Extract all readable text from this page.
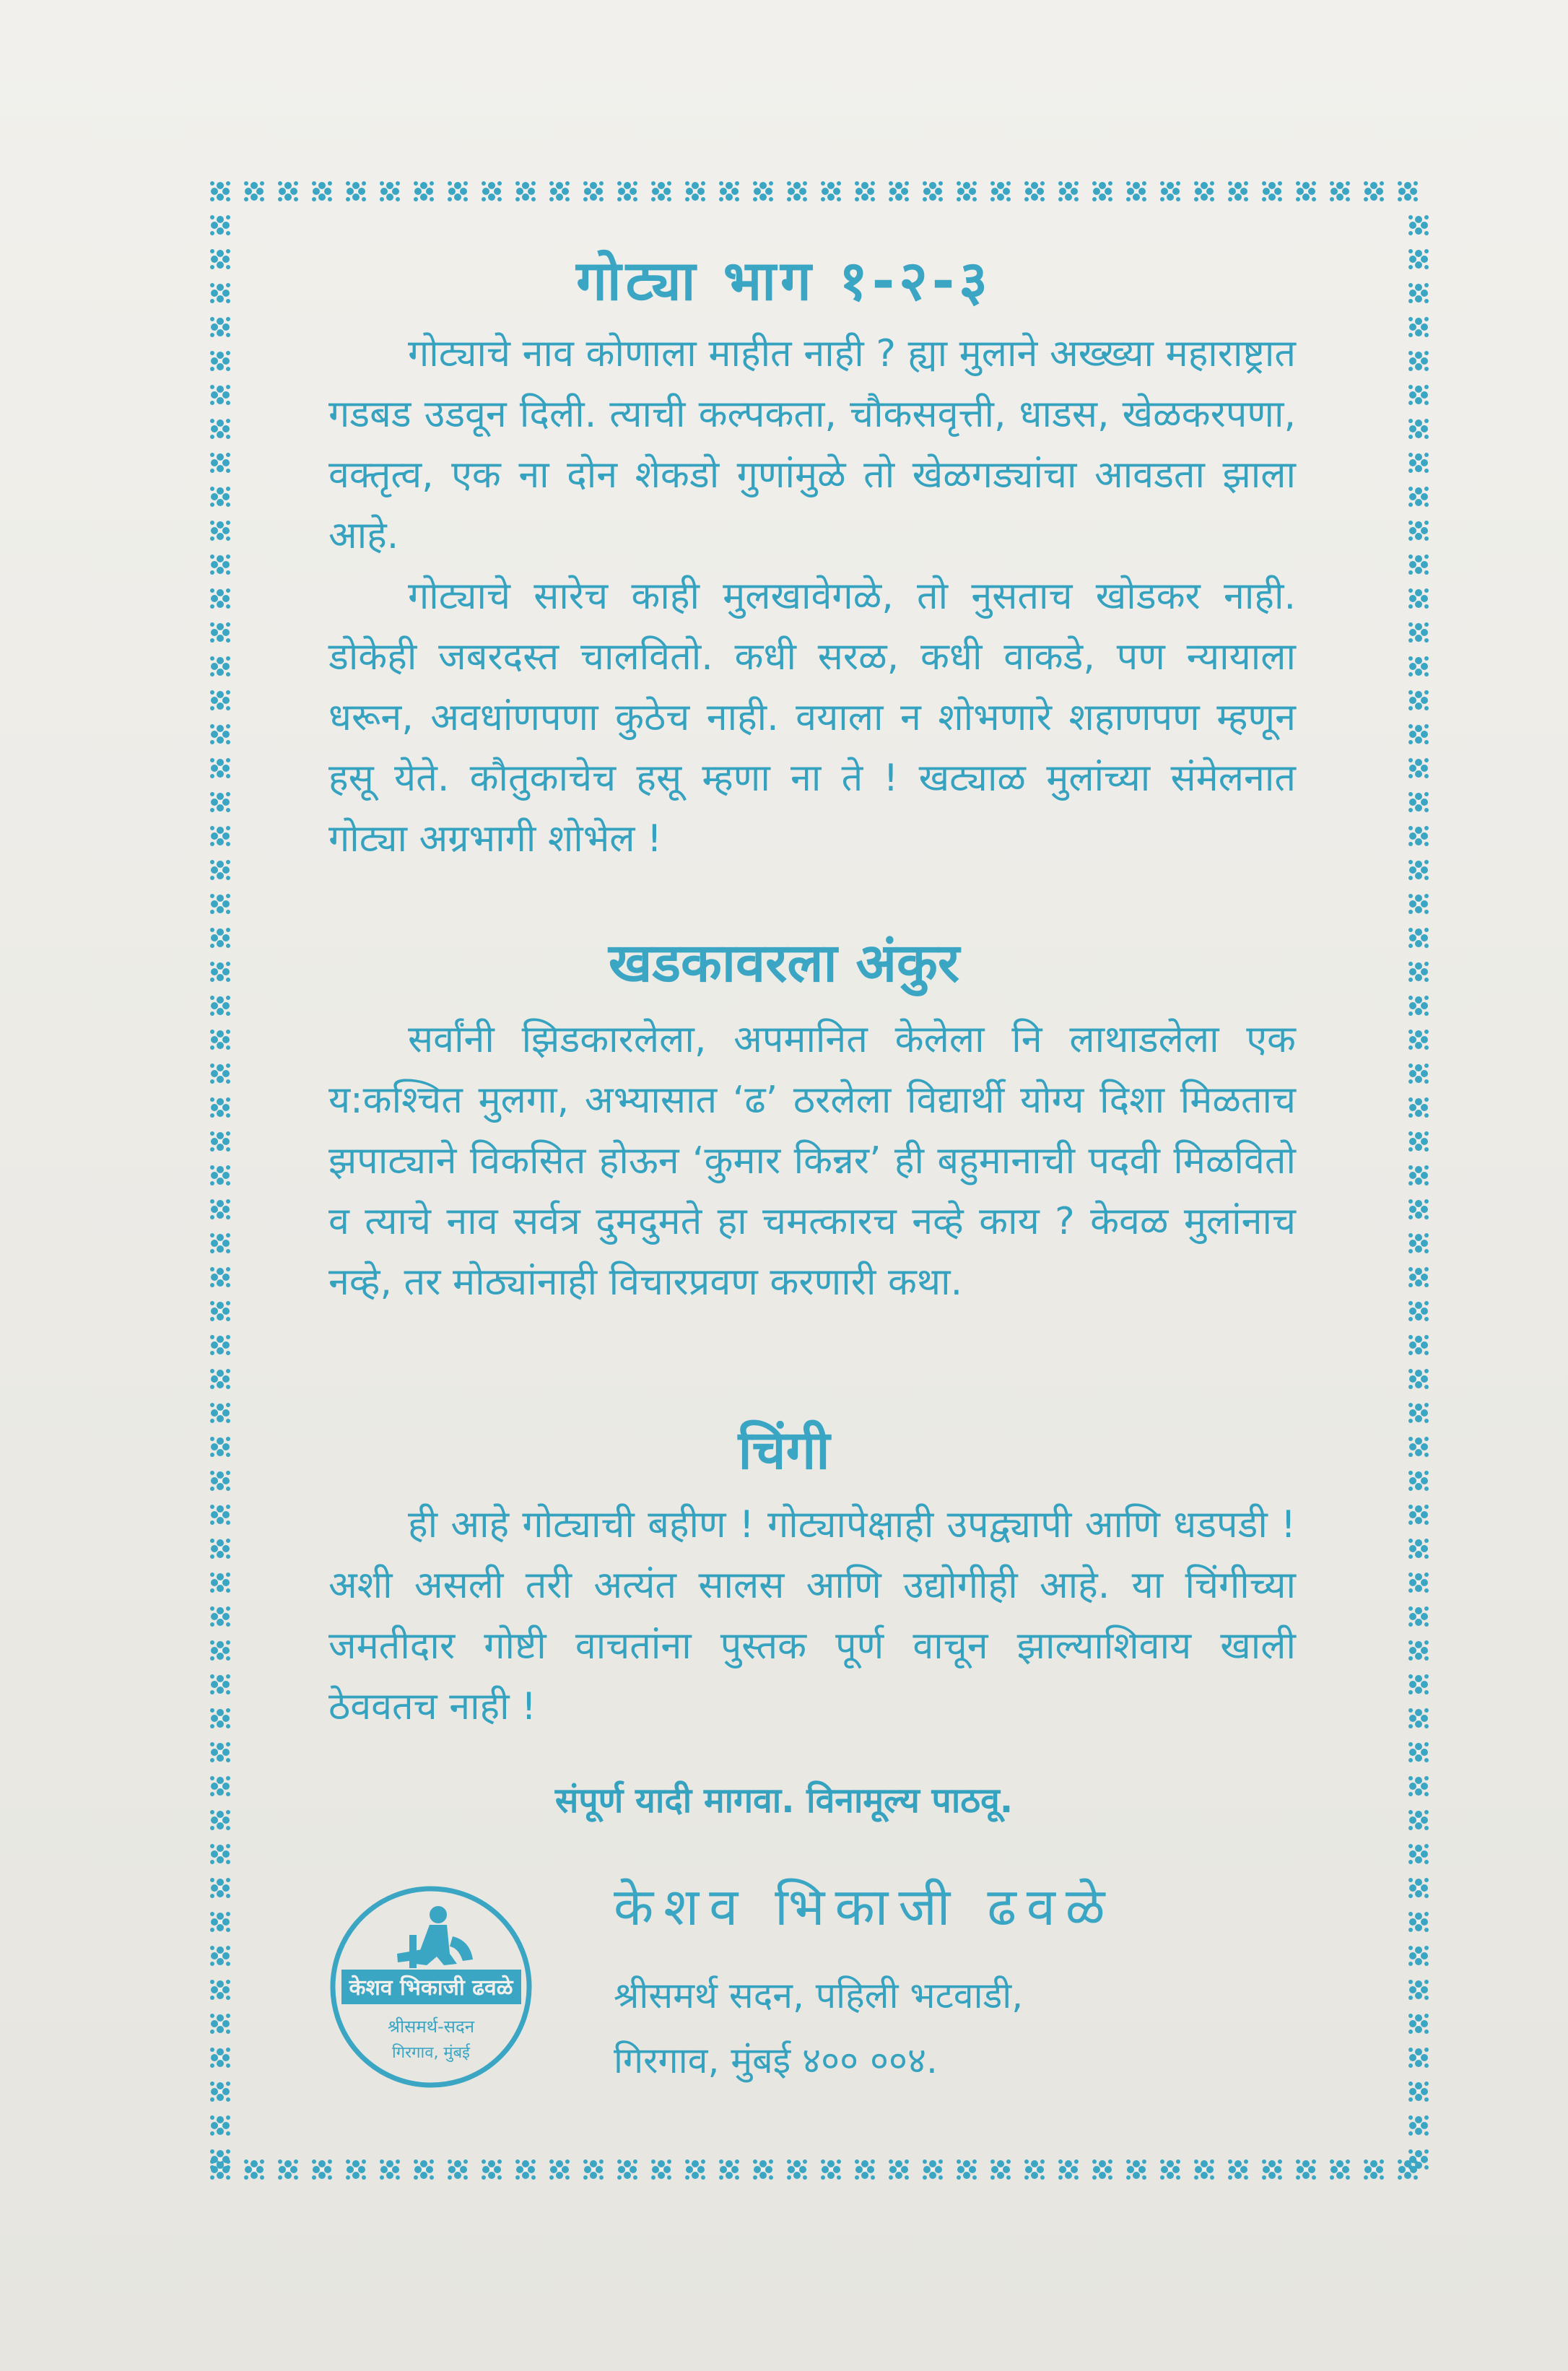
गोट्या भाग १-२-३

गोट्याचे नाव कोणाला माहीत नाही ? ह्या मुलाने अख्ख्या महाराष्ट्रात गडबड उडवून दिली. त्याची कल्पकता, चौकसवृत्ती, धाडस, खेळकरपणा, वक्तृत्व, एक ना दोन शेकडो गुणांमुळे तो खेळगड्यांचा आवडता झाला आहे.

गोट्याचे सारेच काही मुलखावेगळे, तो नुसताच खोडकर नाही. डोकेही जबरदस्त चालवितो. कधी सरळ, कधी वाकडे, पण न्यायाला धरून, अवधांणपणा कुठेच नाही. वयाला न शोभणारे शहाणपण म्हणून हसू येते. कौतुकाचेच हसू म्हणा ना ते ! खट्याळ मुलांच्या संमेलनात गोट्या अग्रभागी शोभेल !

खडकावरला अंकुर

सर्वांनी झिडकारलेला, अपमानित केलेला नि लाथाडलेला एक य:कश्चित मुलगा, अभ्यासात ‘ढ’ ठरलेला विद्यार्थी योग्य दिशा मिळताच झपाट्याने विकसित होऊन ‘कुमार किन्नर’ ही बहुमानाची पदवी मिळवितो व त्याचे नाव सर्वत्र दुमदुमते हा चमत्कारच नव्हे काय ? केवळ मुलांनाच नव्हे, तर मोठ्यांनाही विचारप्रवण करणारी कथा.

चिंगी

ही आहे गोट्याची बहीण ! गोट्यापेक्षाही उपद्व्यापी आणि धडपडी ! अशी असली तरी अत्यंत सालस आणि उद्योगीही आहे. या चिंगीच्या जमतीदार गोष्टी वाचतांना पुस्तक पूर्ण वाचून झाल्याशिवाय खाली ठेववतच नाही !

संपूर्ण यादी मागवा. विनामूल्य पाठवू.

केशव भिकाजी ढवळे
श्रीसमर्थ-सदन
गिरगाव, मुंबई

केशव भिकाजी ढवळे

श्रीसमर्थ सदन, पहिली भटवाडी,

गिरगाव, मुंबई ४०० ००४.
